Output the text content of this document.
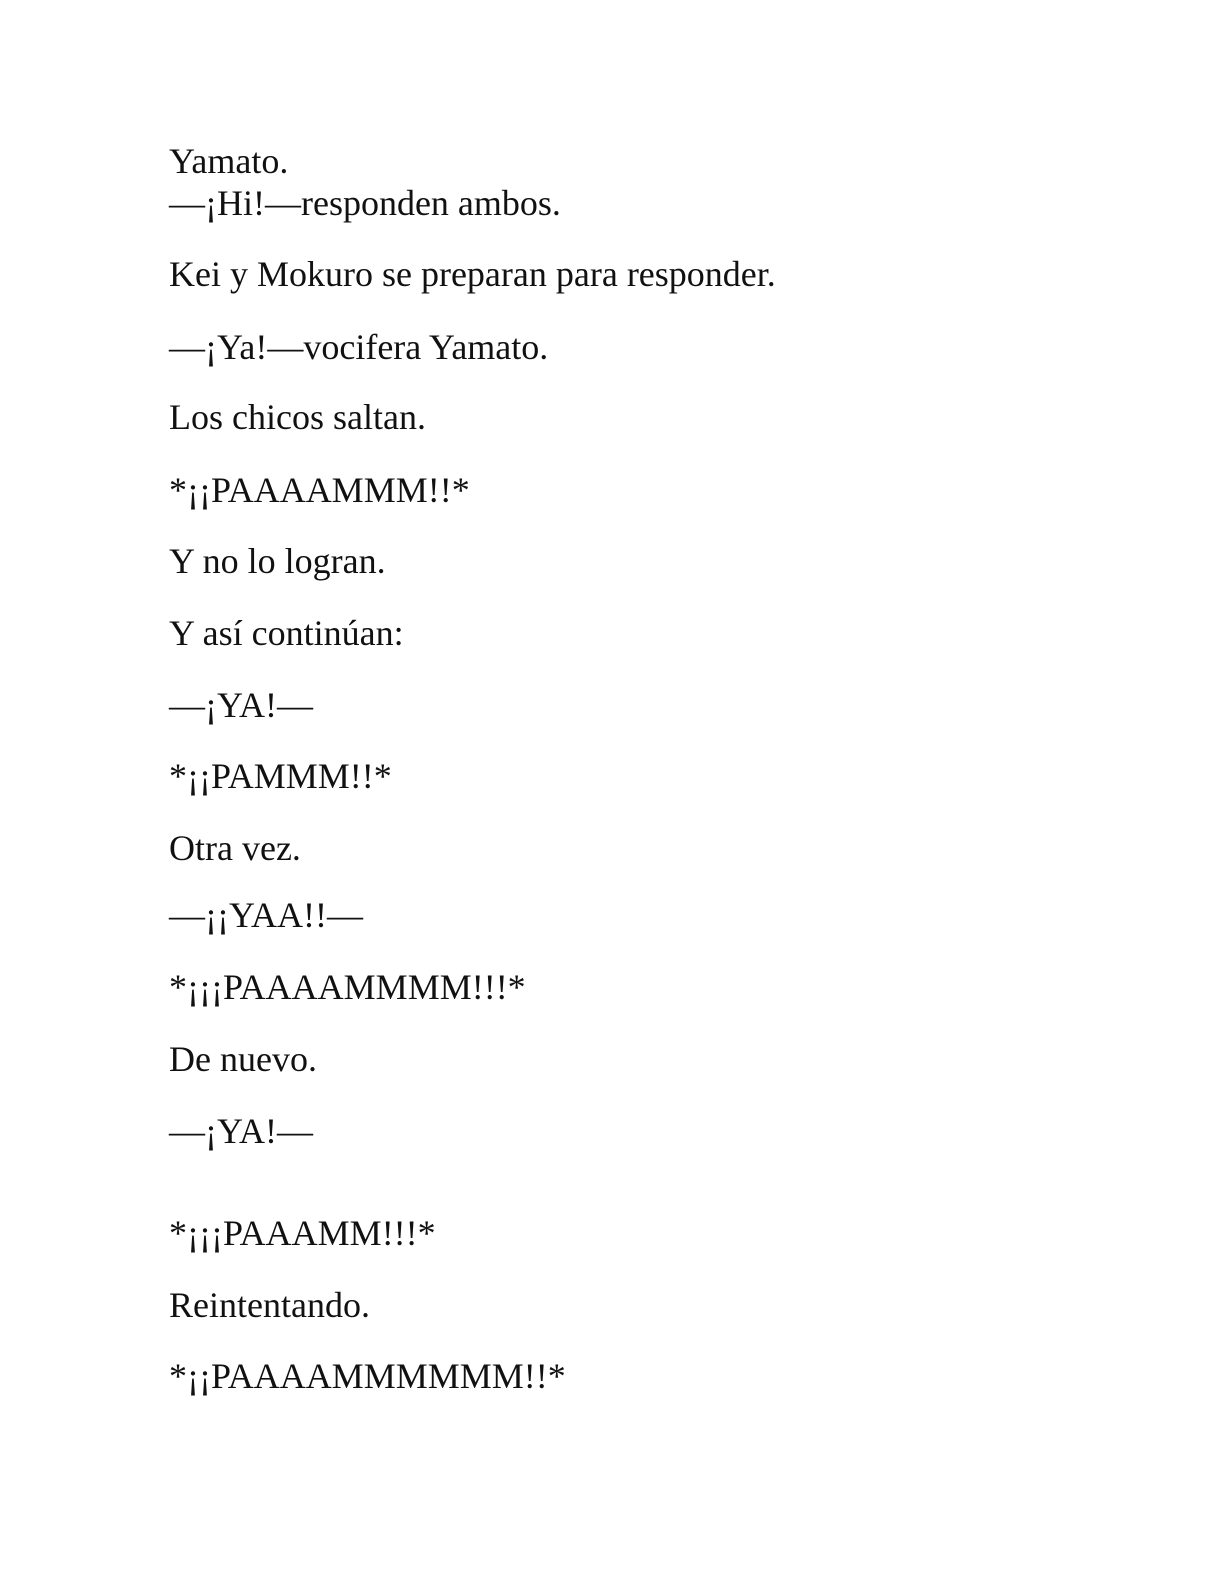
Yamato.

—¡Hi!—responden ambos.

Kei y Mokuro se preparan para responder.

—¡Ya!—vocifera Yamato.

Los chicos saltan.

*¡¡PAAAAMMM!!*

Y no lo logran.

Y así continúan:

—¡YA!—

*¡¡PAMMM!!*

Otra vez.

—¡¡YAA!!—

*¡¡¡PAAAAMMMM!!!*

De nuevo.

—¡YA!—

*¡¡¡PAAAMM!!!*

Reintentando.

*¡¡PAAAAMMMMMM!!*
